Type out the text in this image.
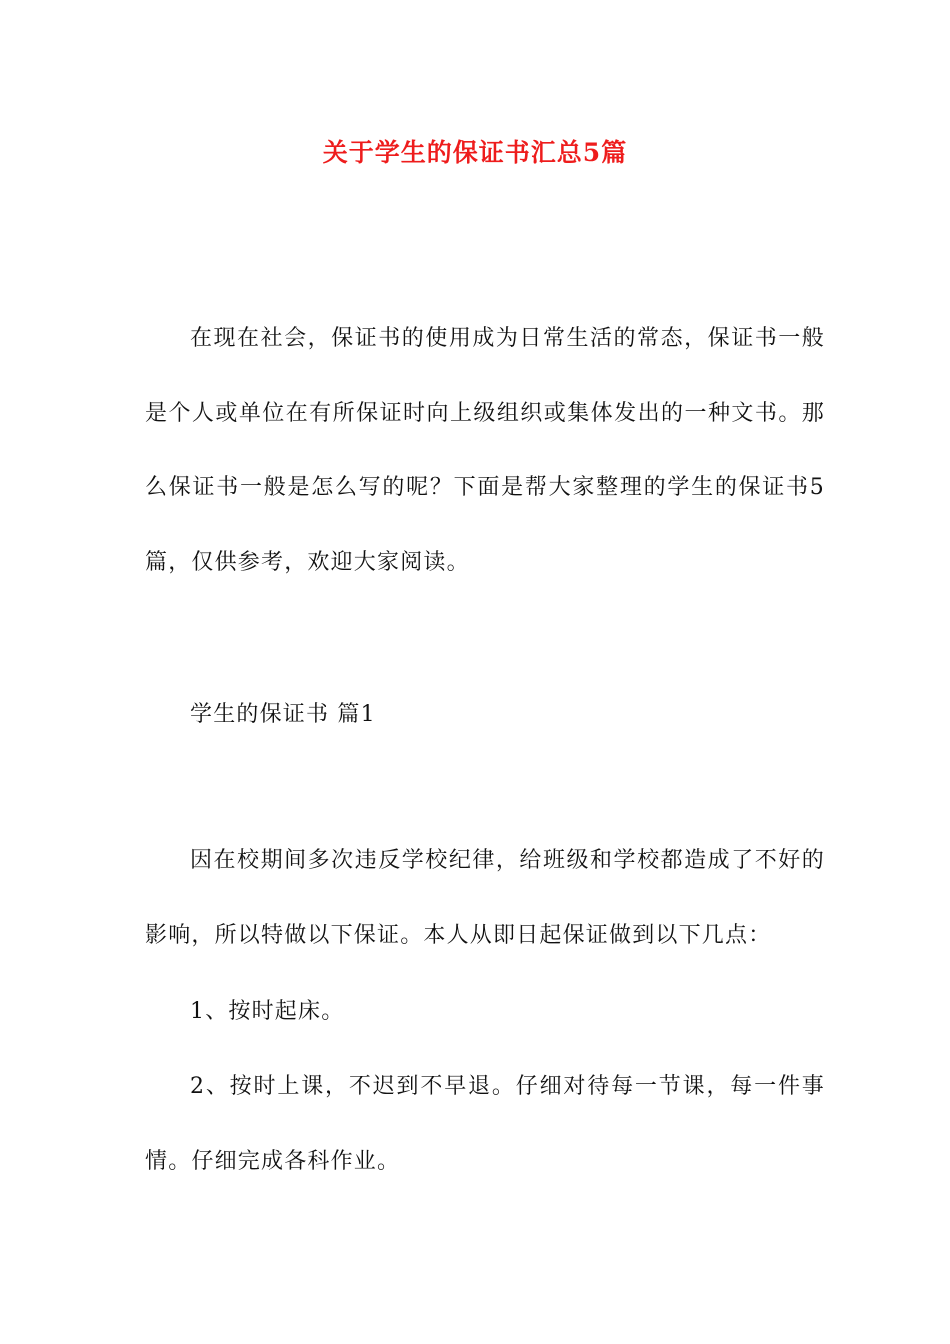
关于学生的保证书汇总5篇

在现在社会，保证书的使用成为日常生活的常态，保证书一般是个人或单位在有所保证时向上级组织或集体发出的一种文书。那么保证书一般是怎么写的呢？下面是帮大家整理的学生的保证书5篇，仅供参考，欢迎大家阅读。

学生的保证书 篇1

因在校期间多次违反学校纪律，给班级和学校都造成了不好的影响，所以特做以下保证。本人从即日起保证做到以下几点：

1、按时起床。

2、按时上课，不迟到不早退。仔细对待每一节课，每一件事情。仔细完成各科作业。
